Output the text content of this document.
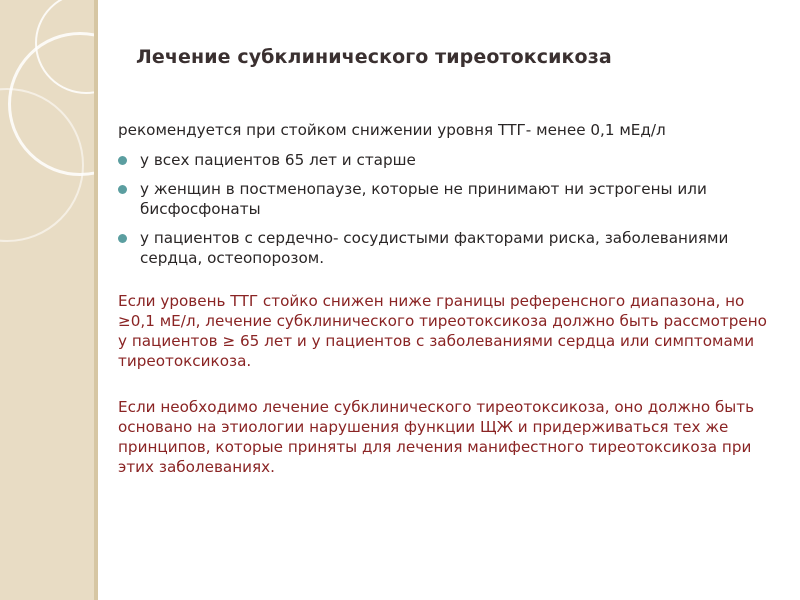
Лечение субклинического тиреотоксикоза

рекомендуется при стойком снижении уровня ТТГ- менее 0,1 мЕд/л

у всех пациентов 65 лет и старше
у женщин в постменопаузе, которые не принимают ни эстрогены или бисфосфонаты
у пациентов с сердечно- сосудистыми факторами риска, заболеваниями сердца, остеопорозом.

Если уровень ТТГ стойко снижен ниже границы референсного диапазона, но ≥0,1 мЕ/л, лечение субклинического тиреотоксикоза должно быть рассмотрено у пациентов ≥ 65 лет и у пациентов с заболеваниями сердца или симптомами тиреотоксикоза.

Если необходимо лечение субклинического тиреотоксикоза, оно должно быть основано на этиологии нарушения функции ЩЖ и придерживаться тех же принципов, которые приняты для лечения манифестного тиреотоксикоза при этих заболеваниях.
